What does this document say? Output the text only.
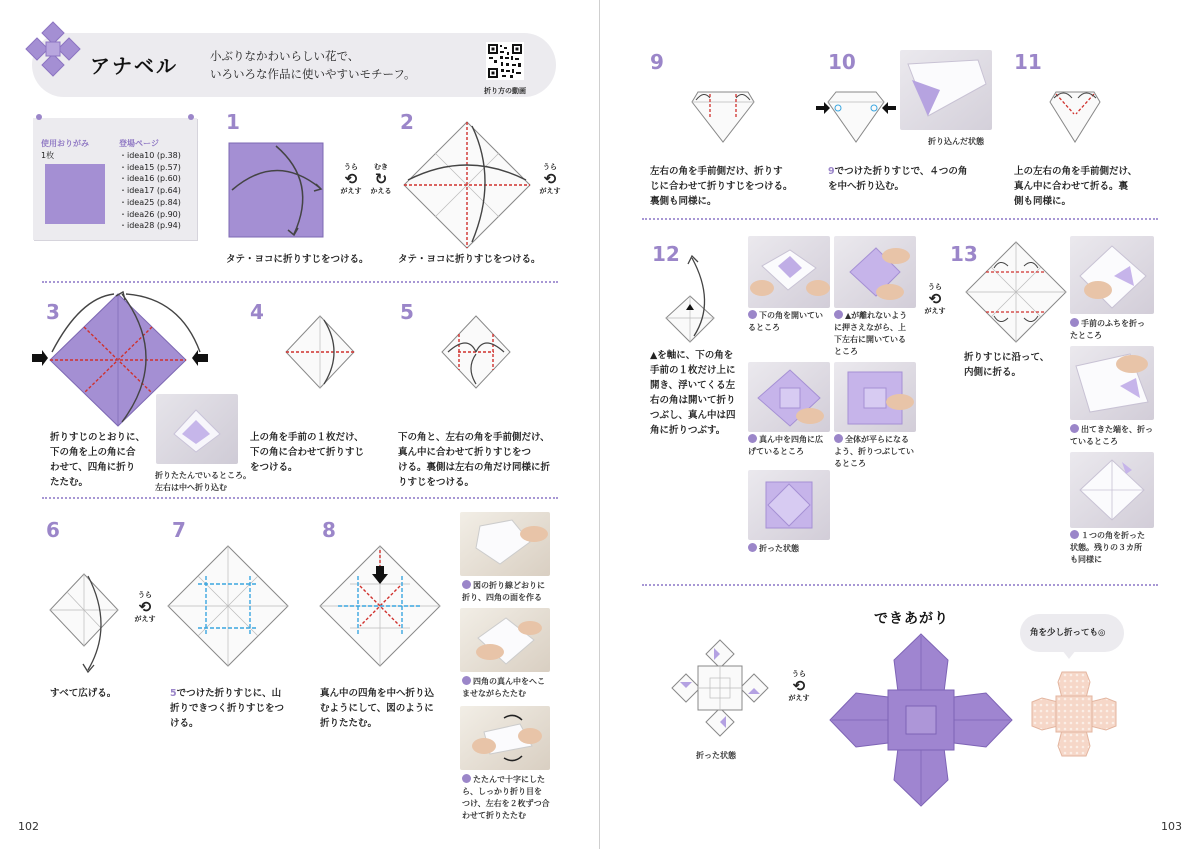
アナベル	小ぶりなかわいらしい花で、
いろいろな作品に使いやすいモチーフ。
折り方の動画
使用おりがみ
1枚
登場ページ
・idea10 (p.38)
・idea15 (p.57)
・idea16 (p.60)
・idea17 (p.64)
・idea25 (p.84)
・idea26 (p.90)
・idea28 (p.94)
1
うら
⟲
がえす
むき
↻
かえる
タテ・ヨコに折りすじをつける。
2
うら
⟲
がえす
タテ・ヨコに折りすじをつける。
3
折りすじのとおりに、
下の角を上の角に合
わせて、四角に折り
たたむ。
折りたたんでいるところ。
左右は中へ折り込む
4
上の角を手前の１枚だけ、
下の角に合わせて折りすじ
をつける。
5
下の角と、左右の角を手前側だけ、
真ん中に合わせて折りすじをつ
ける。裏側は左右の角だけ同様に折
りすじをつける。
6
うら
⟲
がえす
すべて広げる。
7
5でつけた折りすじに、山
折りできつく折りすじをつ
ける。
8
真ん中の四角を中へ折り込
むようにして、図のように
折りたたむ。
図の折り線どおりに
折り、四角の面を作る
四角の真ん中をへこ
ませながらたたむ
たたんで十字にした
ら、しっかり折り目を
つけ、左右を２枚ずつ合
わせて折りたたむ
102
9
左右の角を手前側だけ、折りす
じに合わせて折りすじをつける。
裏側も同様に。
10
折り込んだ状態
9でつけた折りすじで、４つの角
を中へ折り込む。
11
上の左右の角を手前側だけ、
真ん中に合わせて折る。裏
側も同様に。
12
▲を軸に、下の角を
手前の１枚だけ上に
開き、浮いてくる左
右の角は開いて折り
つぶし、真ん中は四
角に折りつぶす。
下の角を開いてい
るところ
▲が離れないよう
に押さえながら、上
下左右に開いている
ところ
真ん中を四角に広
げているところ
全体が平らになる
よう、折りつぶしてい
るところ
折った状態
うら
⟲
がえす
13
折りすじに沿って、
内側に折る。
手前のふちを折っ
たところ
出てきた端を、折っ
ているところ
１つの角を折った
状態。残りの３カ所
も同様に
折った状態
うら
⟲
がえす
できあがり
角を少し折っても◎
103
